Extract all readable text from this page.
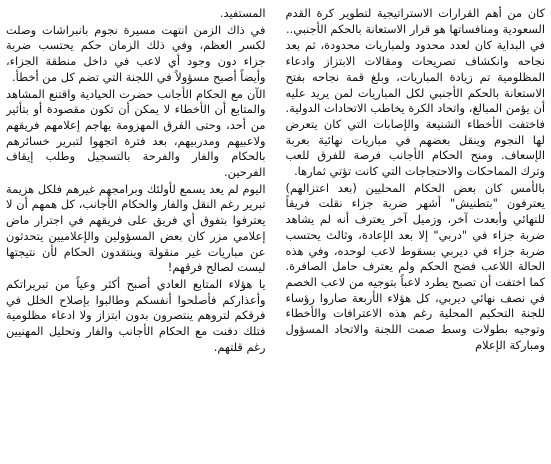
المستفيد.

في ذاك الزمن انتهت مسيرة نجوم بانبراشات وصلت لكسر العظم، وفي ذلك الزمان حكم يحتسب ضربة جزاء دون وجود أي لاعب في داخل منطقة الجزاء، وأيضاً أصبح مسؤولاً في اللجنة التي تضم كل من أخطأ.

الآن مع الحكام الأجانب حضرت الحيادية واقتنع المشاهد والمتابع أن الأخطاء لا يمكن أن تكون مقصودة أو بتأثير من أحد، وحتى الفرق المهزومة يهاجم إعلامهم فريقهم ولاعبيهم ومدربيهم، بعد فترة اتجهوا لتبرير خسائرهم بالحكام والفار والفرحة بالتسجيل وطلب إيقاف الفرحين.

اليوم لم يعد يسمع لأولئك وبرامجهم غيرهم فلكل هزيمة تبرير رغم النقل والفار والحكام الأجانب، كل همهم أن لا يعترفوا بتفوق أي فريق على فريقهم في اجترار ماض إعلامي مزر كان بعض المسؤولين والإعلاميين يتحدثون عن مباريات غير منقولة وينتقدون الحكام لأن نتيجتها ليست لصالح فرقهم!

يا هؤلاء المتابع العادي أصبح أكثر وعياً من تبريراتكم وأعذاركم فأصلحوا أنفسكم وطالبوا بإصلاح الخلل في فرقكم لتروهم ينتصرون بدون ابتزاز ولا ادعاء مظلومية فتلك دفنت مع الحكام الأجانب والفار وتحليل المهنيين رغم قلتهم.

كان من أهم القرارات الاستراتيجية لتطوير كرة القدم السعودية ومنافساتها هو قرار الاستعانة بالحكم الأجنبي..

في البداية كان لعدد محدود ولمباريات محدودة، ثم بعد نجاحه وانكشاف تصريحات ومقالات الابتزاز وادعاء المظلومية تم زيادة المباريات، وبلغ قمة نجاحه بفتح الاستعانة بالحكم الأجنبي لكل المباريات لمن يريد عليه أن يؤمن المبالغ، واتحاد الكرة يخاطب الاتحادات الدولية. فاختفت الأخطاء الشنيعة والإصابات التي كان يتعرض لها النجوم وينقل بعضهم في مباريات نهائية بعربة الإسعاف. ومنح الحكام الأجانب فرصة للفرق للعب وترك المماحكات والاحتجاجات التي كانت تؤتي ثمارها.

بالأمس كان بعض الحكام المحليين (بعد اعتزالهم) يعترفون "بتطنيش" أشهر ضربة جزاء نقلت فريقاً للنهائي وأبعدت آخر، وزميل آخر يعترف أنه لم يشاهد ضربة جزاء في "دربي" إلا بعد الإعادة، وثالث يحتسب ضربة جزاء في ديربي بسقوط لاعب لوحده، وفي هذه الحالة اللاعب فضح الحكم ولم يعترف حامل الصافرة. كما اختفت أن تصبح يطرد لاعباً بتوجيه من لاعب الخصم في نصف نهائي ديربي، كل هؤلاء الأربعة صاروا رؤساء للجنة التحكيم المحلية رغم هذه الاعترافات والأخطاء وتوجيه بطولات وسط صمت اللجنة والاتحاد المسؤول ومباركة الإعلام
